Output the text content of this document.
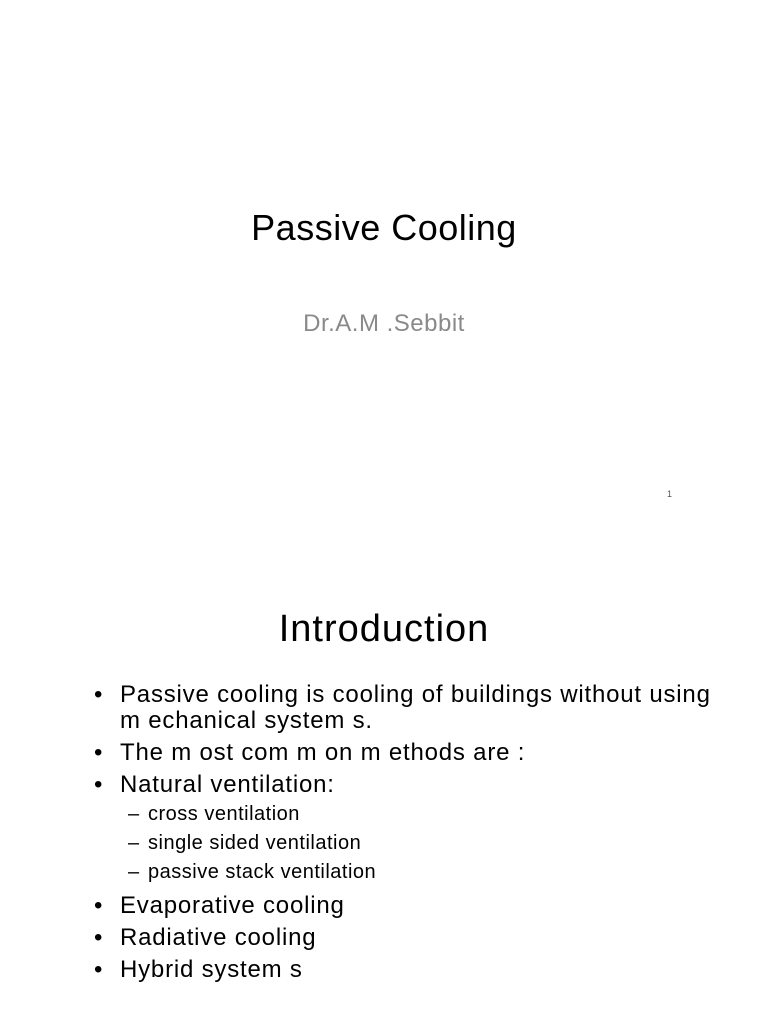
Passive Cooling
Dr.A.M .Sebbit
1
Introduction
• Passive cooling is cooling of buildings without using m echanical system s.
• The m ost com m on m ethods are :
• Natural ventilation:
– cross ventilation
– single sided ventilation
– passive stack ventilation
• Evaporative cooling
• Radiative cooling
• Hybrid system s
